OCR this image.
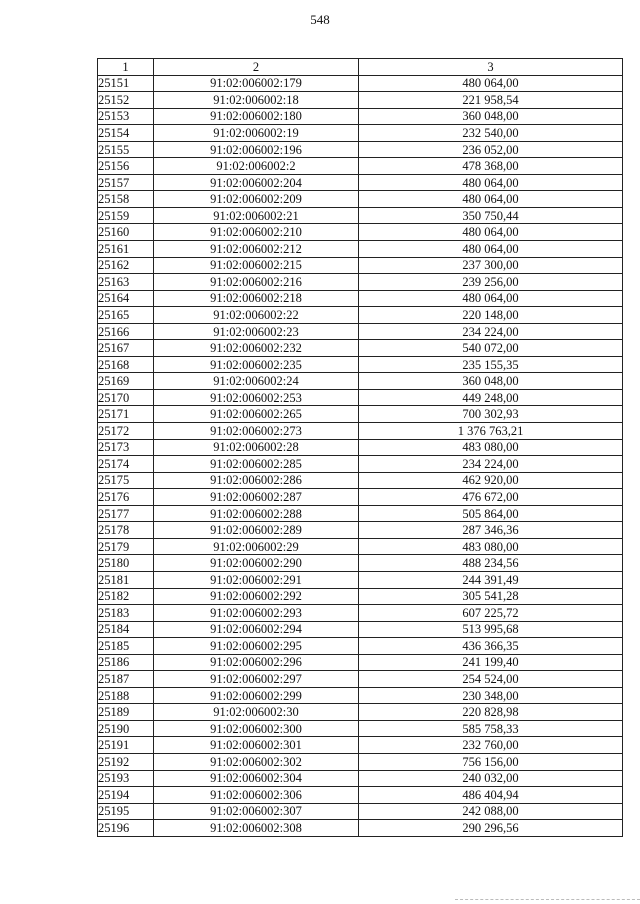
548
1	2	3
25151	91:02:006002:179	480 064,00
25152	91:02:006002:18	221 958,54
25153	91:02:006002:180	360 048,00
25154	91:02:006002:19	232 540,00
25155	91:02:006002:196	236 052,00
25156	91:02:006002:2	478 368,00
25157	91:02:006002:204	480 064,00
25158	91:02:006002:209	480 064,00
25159	91:02:006002:21	350 750,44
25160	91:02:006002:210	480 064,00
25161	91:02:006002:212	480 064,00
25162	91:02:006002:215	237 300,00
25163	91:02:006002:216	239 256,00
25164	91:02:006002:218	480 064,00
25165	91:02:006002:22	220 148,00
25166	91:02:006002:23	234 224,00
25167	91:02:006002:232	540 072,00
25168	91:02:006002:235	235 155,35
25169	91:02:006002:24	360 048,00
25170	91:02:006002:253	449 248,00
25171	91:02:006002:265	700 302,93
25172	91:02:006002:273	1 376 763,21
25173	91:02:006002:28	483 080,00
25174	91:02:006002:285	234 224,00
25175	91:02:006002:286	462 920,00
25176	91:02:006002:287	476 672,00
25177	91:02:006002:288	505 864,00
25178	91:02:006002:289	287 346,36
25179	91:02:006002:29	483 080,00
25180	91:02:006002:290	488 234,56
25181	91:02:006002:291	244 391,49
25182	91:02:006002:292	305 541,28
25183	91:02:006002:293	607 225,72
25184	91:02:006002:294	513 995,68
25185	91:02:006002:295	436 366,35
25186	91:02:006002:296	241 199,40
25187	91:02:006002:297	254 524,00
25188	91:02:006002:299	230 348,00
25189	91:02:006002:30	220 828,98
25190	91:02:006002:300	585 758,33
25191	91:02:006002:301	232 760,00
25192	91:02:006002:302	756 156,00
25193	91:02:006002:304	240 032,00
25194	91:02:006002:306	486 404,94
25195	91:02:006002:307	242 088,00
25196	91:02:006002:308	290 296,56
